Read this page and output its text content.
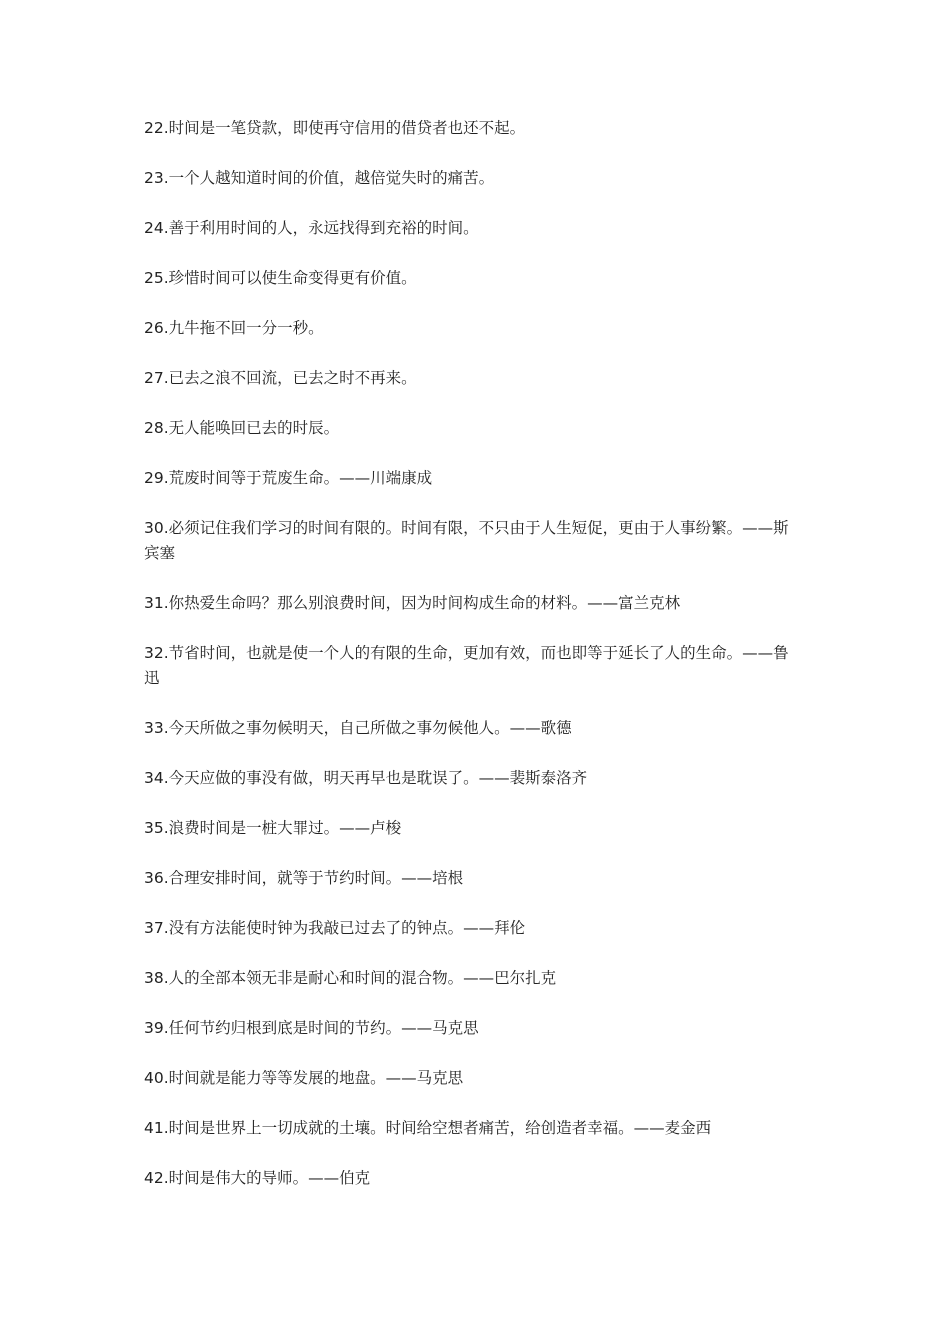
22.时间是一笔贷款，即使再守信用的借贷者也还不起。
23.一个人越知道时间的价值，越倍觉失时的痛苦。
24.善于利用时间的人，永远找得到充裕的时间。
25.珍惜时间可以使生命变得更有价值。
26.九牛拖不回一分一秒。
27.已去之浪不回流，已去之时不再来。
28.无人能唤回已去的时辰。
29.荒废时间等于荒废生命。——川端康成
30.必须记住我们学习的时间有限的。时间有限，不只由于人生短促，更由于人事纷繁。——斯宾塞
31.你热爱生命吗？那么别浪费时间，因为时间构成生命的材料。——富兰克林
32.节省时间，也就是使一个人的有限的生命，更加有效，而也即等于延长了人的生命。——鲁迅
33.今天所做之事勿候明天，自己所做之事勿候他人。——歌德
34.今天应做的事没有做，明天再早也是耽误了。——裴斯泰洛齐
35.浪费时间是一桩大罪过。——卢梭
36.合理安排时间，就等于节约时间。——培根
37.没有方法能使时钟为我敲已过去了的钟点。——拜伦
38.人的全部本领无非是耐心和时间的混合物。——巴尔扎克
39.任何节约归根到底是时间的节约。——马克思
40.时间就是能力等等发展的地盘。——马克思
41.时间是世界上一切成就的土壤。时间给空想者痛苦，给创造者幸福。——麦金西
42.时间是伟大的导师。——伯克
